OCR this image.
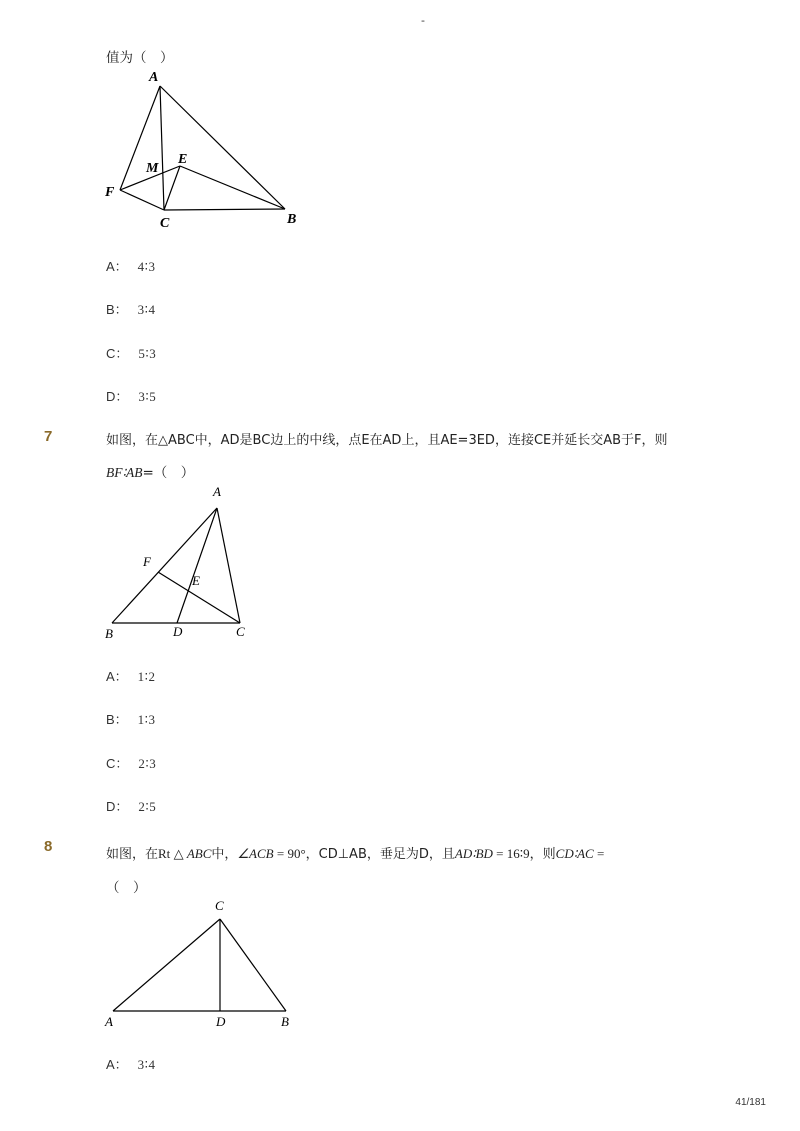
-
值为（　）
A
E
M
F
C	B
A： 4∶3
B： 3∶4
C： 5∶3
D： 3∶5
7	如图，在△ABC中，AD是BC边上的中线，点E在AD上，且AE=3ED，连接CE并延长交AB于F，则
BF∶AB=（　）
A
F
E
B	D	C
A： 1∶2
B： 1∶3
C： 2∶3
D： 2∶5
8	如图，在Rt △ ABC中，∠ACB = 90°，CD⊥AB，垂足为D，且AD∶BD = 16∶9，则CD∶AC =
（　）
C
A	D	B
A： 3∶4
41/181
